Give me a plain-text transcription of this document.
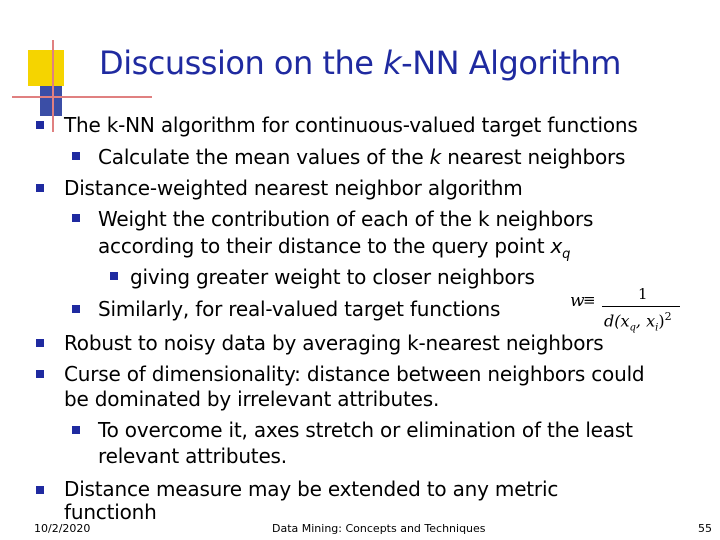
Discussion on the k-NN Algorithm
The k-NN algorithm for continuous-valued target functions
Calculate the mean values of the k nearest neighbors
Distance-weighted nearest neighbor algorithm
Weight the contribution of each of the k neighbors
according to their distance to the query point $x_q$
giving greater weight to closer neighbors
Similarly, for real-valued target functions
Robust to noisy data by averaging k-nearest neighbors
Curse of dimensionality: distance between neighbors could
be dominated by irrelevant attributes.
To overcome it, axes stretch or elimination of the least
relevant attributes.
Distance measure may be extended to any metric
functionh
w
≡	1
$d(x_q$, $x_i)^2$
10/2/2020	Data Mining: Concepts and Techniques	55
